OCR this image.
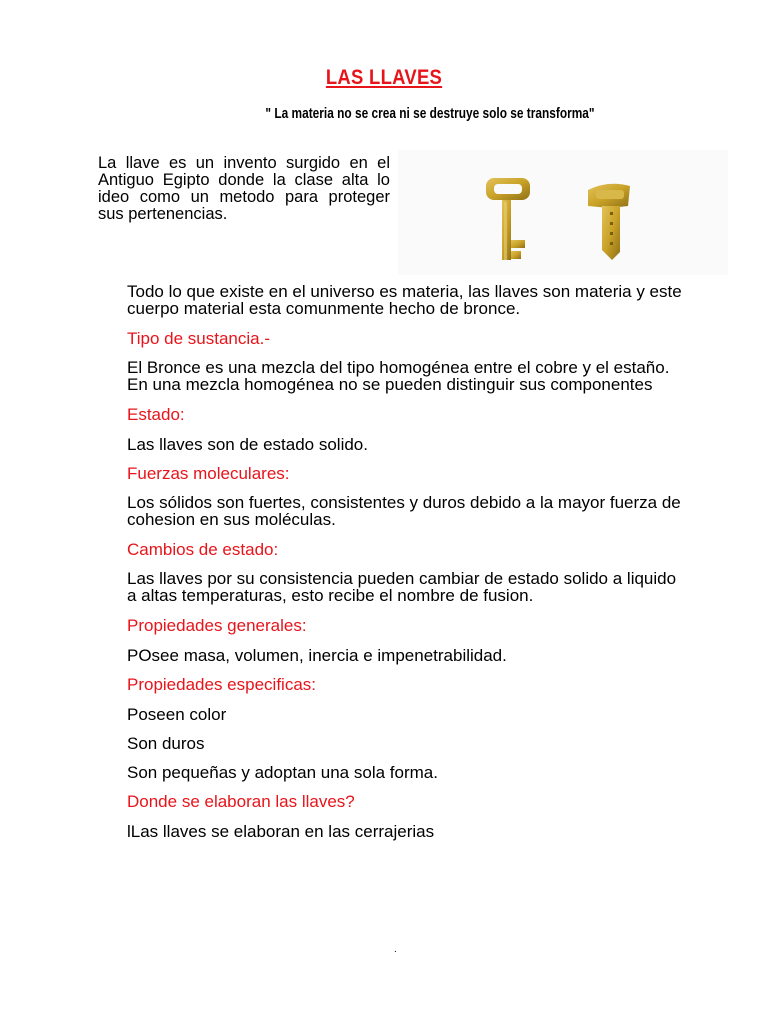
LAS LLAVES
" La materia no se crea ni se destruye solo se transforma"
La llave es un invento surgido en el Antiguo Egipto donde la clase alta lo ideo como un metodo para proteger sus pertenencias.
Todo lo que existe en el universo es materia, las llaves son materia y este cuerpo material esta comunmente hecho de bronce.
Tipo de sustancia.-
El Bronce es una mezcla del tipo homogénea entre el cobre y el estaño. En una mezcla homogénea no se pueden distinguir sus componentes
Estado:
Las llaves son de estado solido.
Fuerzas moleculares:
Los sólidos son fuertes, consistentes y duros debido a la mayor fuerza de cohesion en sus moléculas.
Cambios de estado:
Las llaves por su consistencia pueden cambiar de estado solido a liquido a altas temperaturas, esto recibe el nombre de fusion.
Propiedades generales:
POsee masa, volumen, inercia e impenetrabilidad.
Propiedades especificas:
Poseen color
Son duros
Son pequeñas y adoptan una sola forma.
Donde se elaboran las llaves?
lLas llaves se elaboran en las cerrajerias
.
